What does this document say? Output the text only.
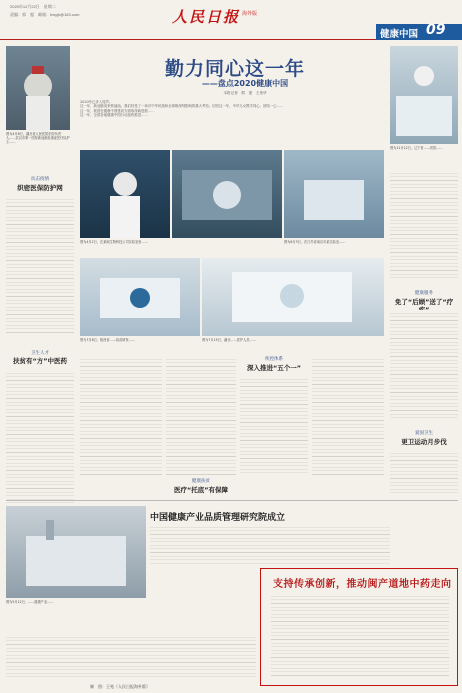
2020年12月22日　星期二
责编：郭　超　邮箱：hwyjk@163.com	人民日报 海外版
健康中国 09
图为4月8日，湖北省人民医院东院负责人……武汉市第一医院新冠肺炎重症医疗队护士……
勤力同心这一年
——盘点2020健康中国
本报记者　熊　建　王美华
2020年已步入尾声。
这一年，新冠肺炎来势汹汹。我们经受了一场对中华民族和全球都深刻影响的重大考验。回首这一年，中华儿女携手同心、团结一心……
这一年，我国在健康中国建设方面取得新进展……
这一年，全国各地健康中国行动加快推进……
图为11月12日，辽宁省……医院……
抗击疫情
织密医保防护网
卫生人才
扶贫有“方”中医药
图为4月2日，在某地生物科技公司实验室里……	图为6月3日，在江苏省南京市某实验室……
图为7月8日，陕西省……疫苗研发……	图为7月15日，湖北……医护人员……
疾控体系
深入推进“五个一”
健康服务
免了“后顾”送了“疗
爱国卫生
更卫运动月步伐
健康扶贫
医疗“托底”有保障
图为5月12日，……健康产业……
中国健康产业品质管理研究院成立
支持传承创新，推动闽产道地中药走向
制　图：王苑（人民日报海外版）
